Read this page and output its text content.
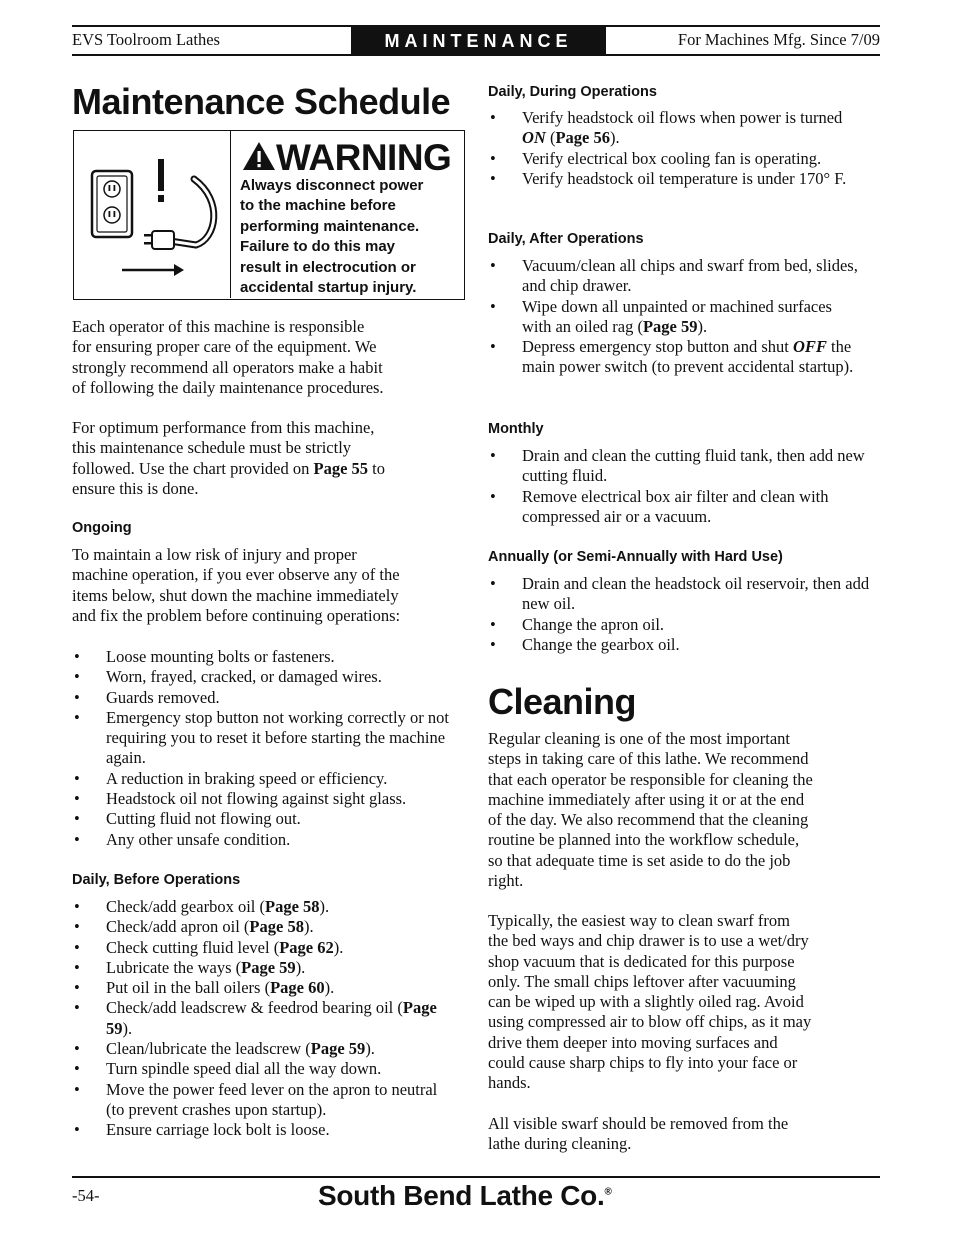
EVS Toolroom Lathes	MAINTENANCE	For Machines Mfg. Since 7/09
Maintenance Schedule
WARNING
Always disconnect power
to the machine before
performing maintenance.
Failure to do this may
result in electrocution or
accidental startup injury.
Each operator of this machine is responsible
for ensuring proper care of the equipment. We
strongly recommend all operators make a habit
of following the daily maintenance procedures.
For optimum performance from this machine,
this maintenance schedule must be strictly
followed. Use the chart provided on Page 55 to
ensure this is done.
Ongoing
To maintain a low risk of injury and proper
machine operation, if you ever observe any of the
items below, shut down the machine immediately
and fix the problem before continuing operations:
• Loose mounting bolts or fasteners.
• Worn, frayed, cracked, or damaged wires.
• Guards removed.
• Emergency stop button not working correctly or not requiring you to reset it before starting the machine again.
• A reduction in braking speed or efficiency.
• Headstock oil not flowing against sight glass.
• Cutting fluid not flowing out.
• Any other unsafe condition.
Daily, Before Operations
• Check/add gearbox oil (Page 58).
• Check/add apron oil (Page 58).
• Check cutting fluid level (Page 62).
• Lubricate the ways (Page 59).
• Put oil in the ball oilers (Page 60).
• Check/add leadscrew & feedrod bearing oil (Page 59).
• Clean/lubricate the leadscrew (Page 59).
• Turn spindle speed dial all the way down.
• Move the power feed lever on the apron to neutral (to prevent crashes upon startup).
• Ensure carriage lock bolt is loose.
Daily, During Operations
• Verify headstock oil flows when power is turned ON (Page 56).
• Verify electrical box cooling fan is operating.
• Verify headstock oil temperature is under 170° F.
Daily, After Operations
• Vacuum/clean all chips and swarf from bed, slides, and chip drawer.
• Wipe down all unpainted or machined surfaces with an oiled rag (Page 59).
• Depress emergency stop button and shut OFF the main power switch (to prevent accidental startup).
Monthly
• Drain and clean the cutting fluid tank, then add new cutting fluid.
• Remove electrical box air filter and clean with compressed air or a vacuum.
Annually (or Semi-Annually with Hard Use)
• Drain and clean the headstock oil reservoir, then add new oil.
• Change the apron oil.
• Change the gearbox oil.
Cleaning
Regular cleaning is one of the most important
steps in taking care of this lathe. We recommend
that each operator be responsible for cleaning the
machine immediately after using it or at the end
of the day. We also recommend that the cleaning
routine be planned into the workflow schedule,
so that adequate time is set aside to do the job
right.
Typically, the easiest way to clean swarf from
the bed ways and chip drawer is to use a wet/dry
shop vacuum that is dedicated for this purpose
only. The small chips leftover after vacuuming
can be wiped up with a slightly oiled rag. Avoid
using compressed air to blow off chips, as it may
drive them deeper into moving surfaces and
could cause sharp chips to fly into your face or
hands.
All visible swarf should be removed from the
lathe during cleaning.
-54-	South Bend Lathe Co.®
